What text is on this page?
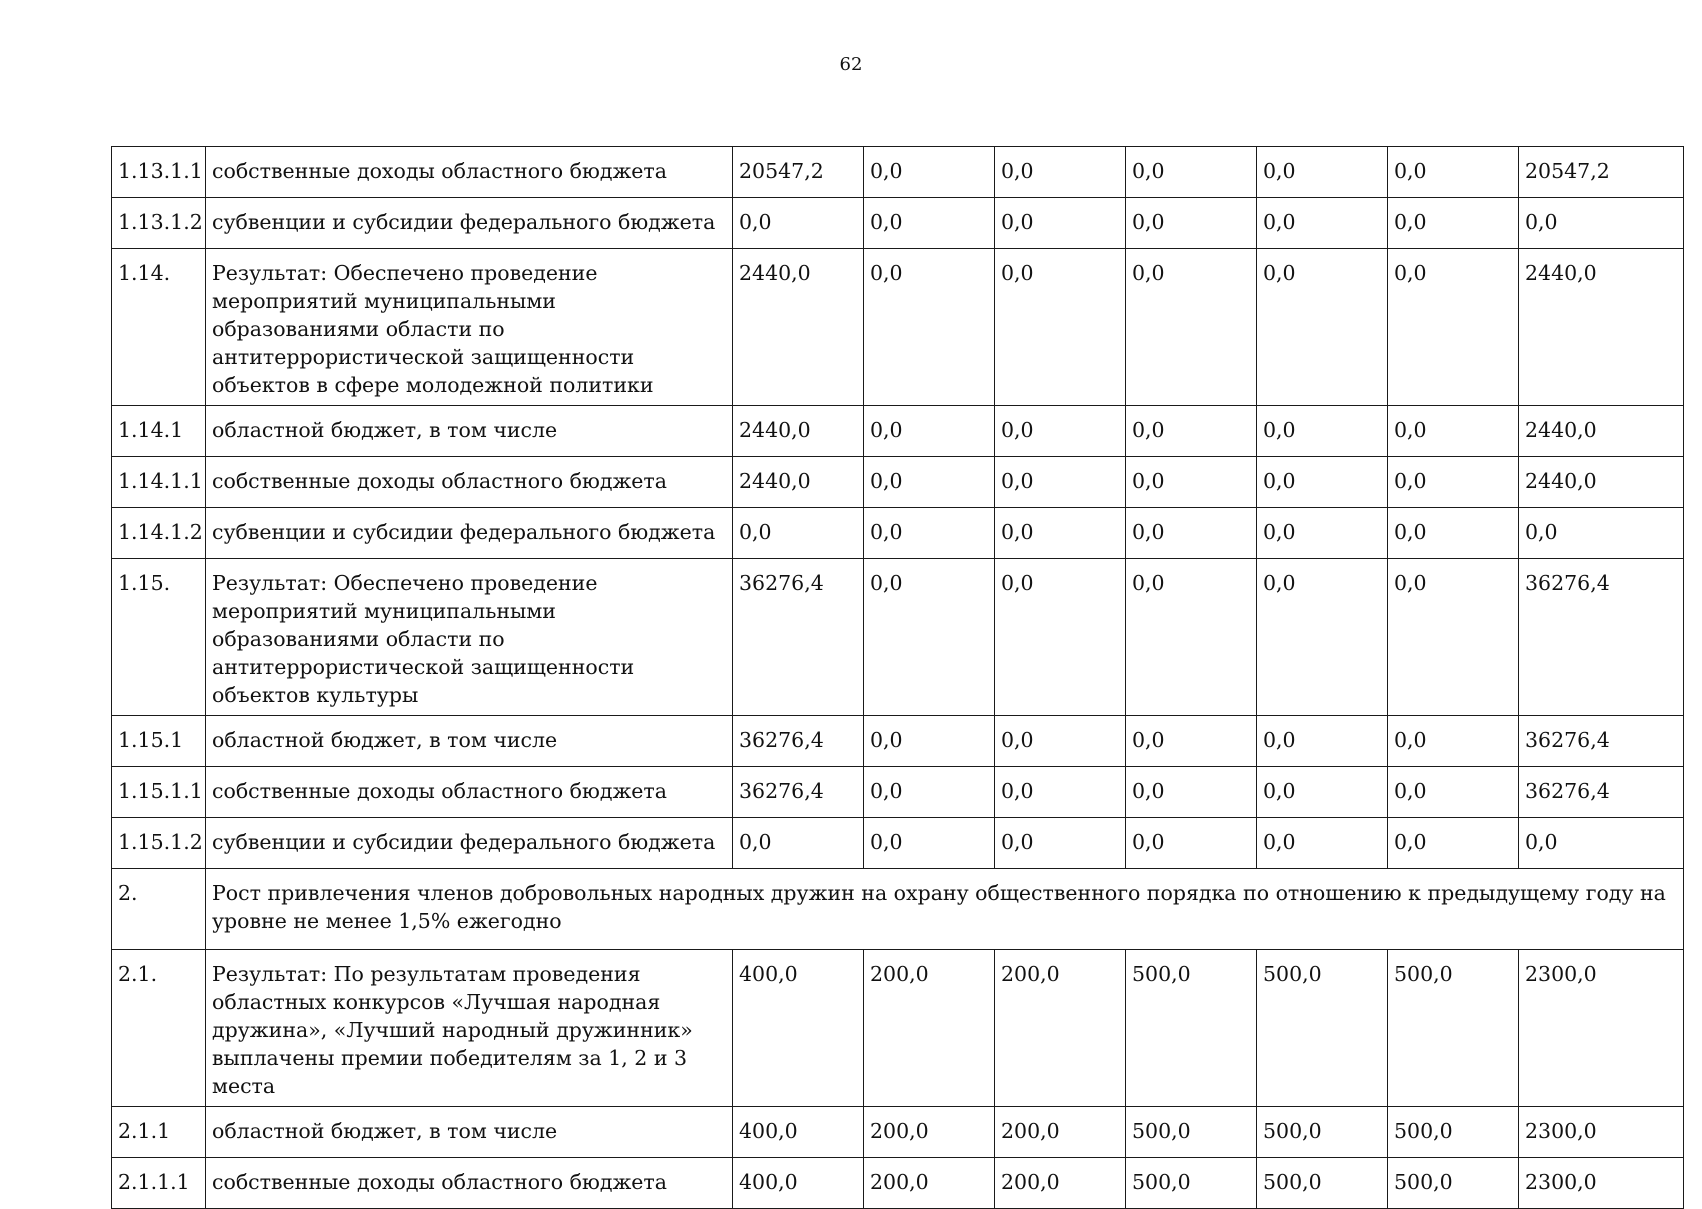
62
1.13.1.1	собственные доходы областного бюджета	20547,2	0,0	0,0	0,0	0,0	0,0	20547,2
1.13.1.2	субвенции и субсидии федерального бюджета	0,0	0,0	0,0	0,0	0,0	0,0	0,0
1.14.	Результат: Обеспечено проведение мероприятий муниципальными образованиями области по антитеррористической защищенности объектов в сфере молодежной политики	2440,0	0,0	0,0	0,0	0,0	0,0	2440,0
1.14.1	областной бюджет, в том числе	2440,0	0,0	0,0	0,0	0,0	0,0	2440,0
1.14.1.1	собственные доходы областного бюджета	2440,0	0,0	0,0	0,0	0,0	0,0	2440,0
1.14.1.2	субвенции и субсидии федерального бюджета	0,0	0,0	0,0	0,0	0,0	0,0	0,0
1.15.	Результат: Обеспечено проведение мероприятий муниципальными образованиями области по антитеррористической защищенности объектов культуры	36276,4	0,0	0,0	0,0	0,0	0,0	36276,4
1.15.1	областной бюджет, в том числе	36276,4	0,0	0,0	0,0	0,0	0,0	36276,4
1.15.1.1	собственные доходы областного бюджета	36276,4	0,0	0,0	0,0	0,0	0,0	36276,4
1.15.1.2	субвенции и субсидии федерального бюджета	0,0	0,0	0,0	0,0	0,0	0,0	0,0
2.	Рост привлечения членов добровольных народных дружин на охрану общественного порядка по отношению к предыдущему году на уровне не менее 1,5% ежегодно							
2.1.	Результат: По результатам проведения областных конкурсов «Лучшая народная дружина», «Лучший народный дружинник» выплачены премии победителям за 1, 2 и 3 места	400,0	200,0	200,0	500,0	500,0	500,0	2300,0
2.1.1	областной бюджет, в том числе	400,0	200,0	200,0	500,0	500,0	500,0	2300,0
2.1.1.1	собственные доходы областного бюджета	400,0	200,0	200,0	500,0	500,0	500,0	2300,0
